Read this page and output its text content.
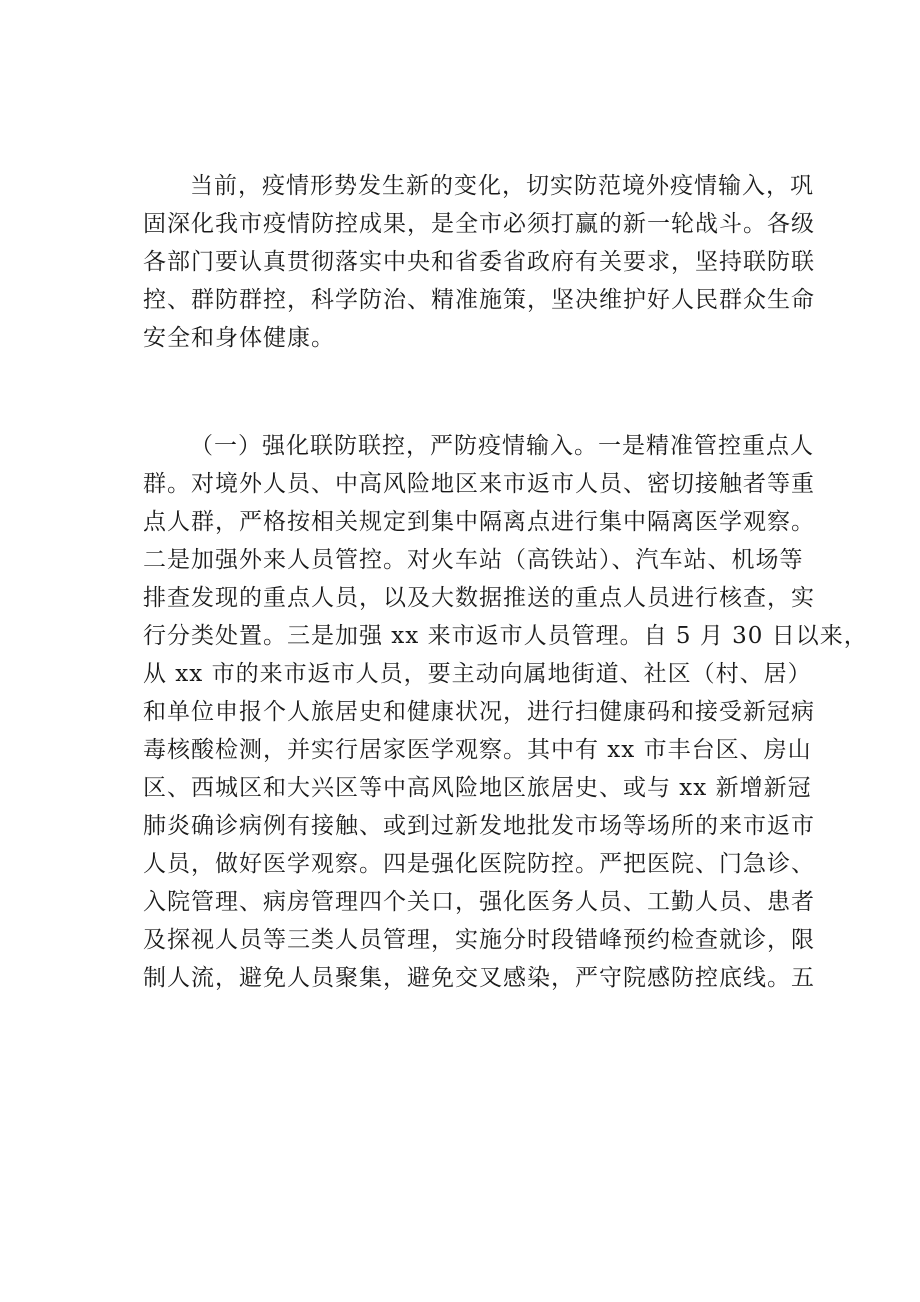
当前，疫情形势发生新的变化，切实防范境外疫情输入，巩
固深化我市疫情防控成果，是全市必须打赢的新一轮战斗。各级
各部门要认真贯彻落实中央和省委省政府有关要求，坚持联防联
控、群防群控，科学防治、精准施策，坚决维护好人民群众生命
安全和身体健康。
（一）强化联防联控，严防疫情输入。一是精准管控重点人
群。对境外人员、中高风险地区来市返市人员、密切接触者等重
点人群，严格按相关规定到集中隔离点进行集中隔离医学观察。
二是加强外来人员管控。对火车站（高铁站）、汽车站、机场等
排查发现的重点人员，以及大数据推送的重点人员进行核查，实
行分类处置。三是加强 xx 来市返市人员管理。自 5 月 30 日以来，
从 xx 市的来市返市人员，要主动向属地街道、社区（村、居）
和单位申报个人旅居史和健康状况，进行扫健康码和接受新冠病
毒核酸检测，并实行居家医学观察。其中有 xx 市丰台区、房山
区、西城区和大兴区等中高风险地区旅居史、或与 xx 新增新冠
肺炎确诊病例有接触、或到过新发地批发市场等场所的来市返市
人员，做好医学观察。四是强化医院防控。严把医院、门急诊、
入院管理、病房管理四个关口，强化医务人员、工勤人员、患者
及探视人员等三类人员管理，实施分时段错峰预约检查就诊，限
制人流，避免人员聚集，避免交叉感染，严守院感防控底线。五
